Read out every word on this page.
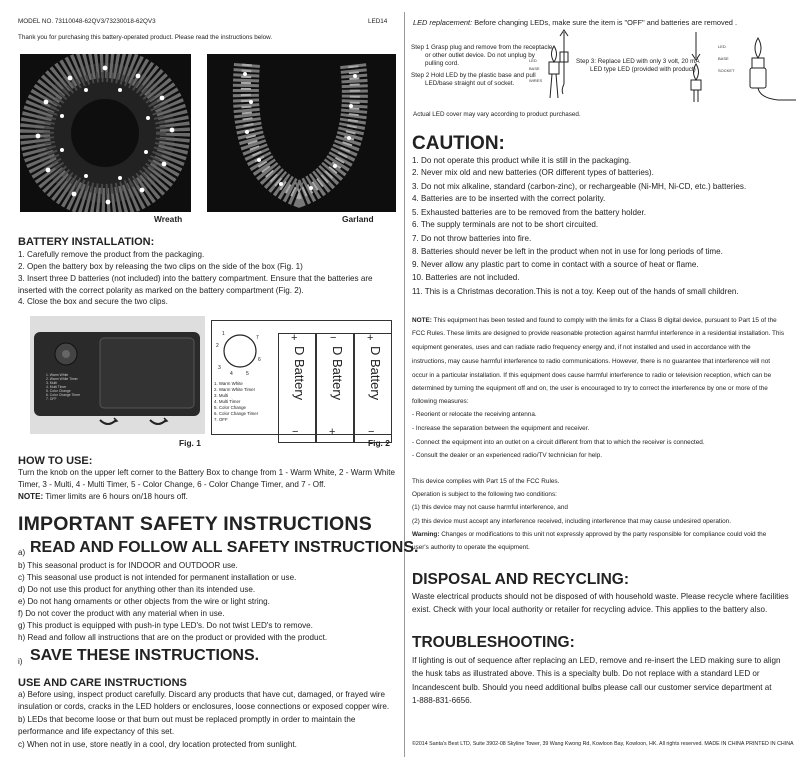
MODEL NO. 73110048-62QV3/73230018-62QV3	LED14
Thank you for purchasing this battery-operated product. Please read the instructions below.
Wreath	Garland
BATTERY INSTALLATION:
1. Carefully remove the product from the packaging.
2. Open the battery box by releasing the two clips on the side of the box (Fig. 1)
3. Insert three D batteries (not included) into the battery compartment. Ensure that the batteries are
inserted with the correct polarity as marked on the battery compartment (Fig. 2).
4. Close the box and secure the two clips.
1. Warm White
2. Warm White Timer
3. Multi
4. Multi Timer
5. Color Change
6. Color Change Timer
7. OFF
Fig. 1
1
2
3
4	5
6
7
1. Warm White
2. Warm White Timer
3. Multi
4. Multi Timer
5. Color Change
6. Color Change Timer
7. OFF
+
D Battery
−
−
D Battery
+
+
D Battery
−
Fig. 2
HOW TO USE:
Turn the knob on the upper left corner to the Battery Box to change from 1 - Warm White, 2 - Warm White
Timer, 3 - Multi, 4 - Multi Timer, 5 - Color Change, 6 - Color Change Timer, and 7 - Off.
NOTE: Timer limits are 6 hours on/18 hours off.
IMPORTANT SAFETY INSTRUCTIONS
a) READ AND FOLLOW ALL SAFETY INSTRUCTIONS.
b) This seasonal product is for INDOOR and OUTDOOR use.
c) This seasonal use product is not intended for permanent installation or use.
d) Do not use this product for anything other than its intended use.
e) Do not hang ornaments or other objects from the wire or light string.
f) Do not cover the product with any material when in use.
g) This product is equipped with push-in type LED's. Do not twist LED's to remove.
h) Read and follow all instructions that are on the product or provided with the product.
i) SAVE THESE INSTRUCTIONS.
USE AND CARE INSTRUCTIONS
a) Before using, inspect product carefully. Discard any products that have cut, damaged, or frayed wire
insulation or cords, cracks in the LED holders or enclosures, loose connections or exposed copper wire.
b) LEDs that become loose or that burn out must be replaced promptly in order to maintain the
performance and life expectancy of this set.
c) When not in use, store neatly in a cool, dry location protected from sunlight.
LED replacement: Before changing LEDs, make sure the item is "OFF" and batteries are removed .
Step 1 Grasp plug and remove from the receptacle
or other outlet device. Do not unplug by
pulling cord.
Step 2 Hold LED by the plastic base and pull
LED/base straight out of socket.
LED
BASE
WIRES
Step 3: Replace LED with only 3 volt, 20 mA
LED type LED (provided with product)
LED
BASE
SOCKET
Actual LED cover may vary according to product purchased.
CAUTION:
1. Do not operate this product while it is still in the packaging.
2. Never mix old and new batteries (OR different types of batteries).
3. Do not mix alkaline, standard (carbon-zinc), or rechargeable (Ni-MH, Ni-CD, etc.) batteries.
4. Batteries are to be inserted with the correct polarity.
5. Exhausted batteries are to be removed from the battery holder.
6. The supply terminals are not to be short circuited.
7. Do not throw batteries into fire.
8. Batteries should never be left in the product when not in use for long periods of time.
9. Never allow any plastic part to come in contact with a source of heat or flame.
10. Batteries are not included.
11. This is a Christmas decoration.This is not a toy. Keep out of the hands of small children.
NOTE: This equipment has been tested and found to comply with the limits for a Class B digital device, pursuant to Part 15 of the
FCC Rules. These limits are designed to provide reasonable protection against harmful interference in a residential installation. This
equipment generates, uses and can radiate radio frequency energy and, if not installed and used in accordance with the
instructions, may cause harmful interference to radio communications. However, there is no guarantee that interference will not
occur in a particular installation. If this equipment does cause harmful interference to radio or television reception, which can be
determined by turning the equipment off and on, the user is encouraged to try to correct the interference by one or more of the
following measures:
- Reorient or relocate the receiving antenna.
- Increase the separation between the equipment and receiver.
- Connect the equipment into an outlet on a circuit different from that to which the receiver is connected.
- Consult the dealer or an experienced radio/TV technician for help.
This device complies with Part 15 of the FCC Rules.
Operation is subject to the following two conditions:
(1) this device may not cause harmful interference, and
(2) this device must accept any interference received, including interference that may cause undesired operation.
Warning: Changes or modifications to this unit not expressly approved by the party responsible for compliance could void the
user's authority to operate the equipment.
DISPOSAL AND RECYCLING:
Waste electrical products should not be disposed of with household waste. Please recycle where facilities
exist. Check with your local authority or retailer for recycling advice. This applies to the battery also.
TROUBLESHOOTING:
If lighting is out of sequence after replacing an LED, remove and re-insert the LED making sure to align
the husk tabs as illustrated above. This is a specialty bulb. Do not replace with a standard LED or
Incandescent bulb. Should you need additional bulbs please call our customer service department at
1-888-831-6656.
©2014 Santa's Best LTD, Suite 3902-08 Skyline Tower, 39 Wang Kwong Rd, Kowloon Bay, Kowloon, HK. All rights reserved. MADE IN CHINA PRINTED IN CHINA
